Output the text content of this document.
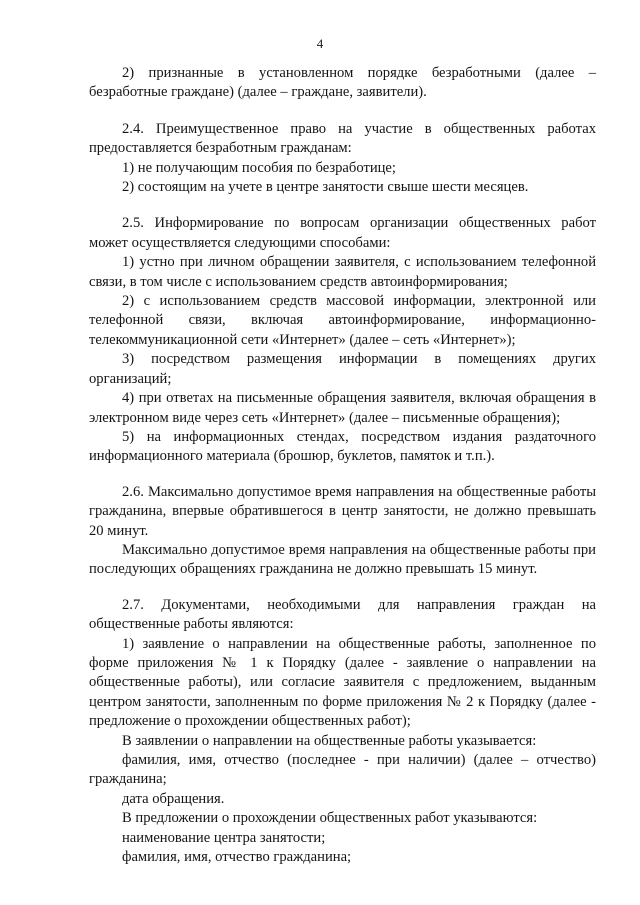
4

2) признанные в установленном порядке безработными (далее – безработные граждане) (далее – граждане, заявители).

2.4. Преимущественное право на участие в общественных работах предоставляется безработным гражданам:

1) не получающим пособия по безработице;

2) состоящим на учете в центре занятости свыше шести месяцев.

2.5. Информирование по вопросам организации общественных работ может осуществляется следующими способами:

1) устно при личном обращении заявителя, с использованием телефонной связи, в том числе с использованием средств автоинформирования;

2) с использованием средств массовой информации, электронной или телефонной связи, включая автоинформирование, информационно-телекоммуникационной сети «Интернет» (далее – сеть «Интернет»);

3) посредством размещения информации в помещениях других организаций;

4) при ответах на письменные обращения заявителя, включая обращения в электронном виде через сеть «Интернет» (далее – письменные обращения);

5) на информационных стендах, посредством издания раздаточного информационного материала (брошюр, буклетов, памяток и т.п.).

2.6. Максимально допустимое время направления на общественные работы гражданина, впервые обратившегося в центр занятости, не должно превышать 20 минут.

Максимально допустимое время направления на общественные работы при последующих обращениях гражданина не должно превышать 15 минут.

2.7. Документами, необходимыми для направления граждан на общественные работы являются:

1) заявление о направлении на общественные работы, заполненное по форме приложения № 1 к Порядку (далее - заявление о направлении на общественные работы), или согласие заявителя с предложением, выданным центром занятости, заполненным по форме приложения № 2 к Порядку (далее - предложение о прохождении общественных работ);

В заявлении о направлении на общественные работы указывается:

фамилия, имя, отчество (последнее - при наличии) (далее – отчество) гражданина;

дата обращения.

В предложении о прохождении общественных работ указываются:

наименование центра занятости;

фамилия, имя, отчество гражданина;
